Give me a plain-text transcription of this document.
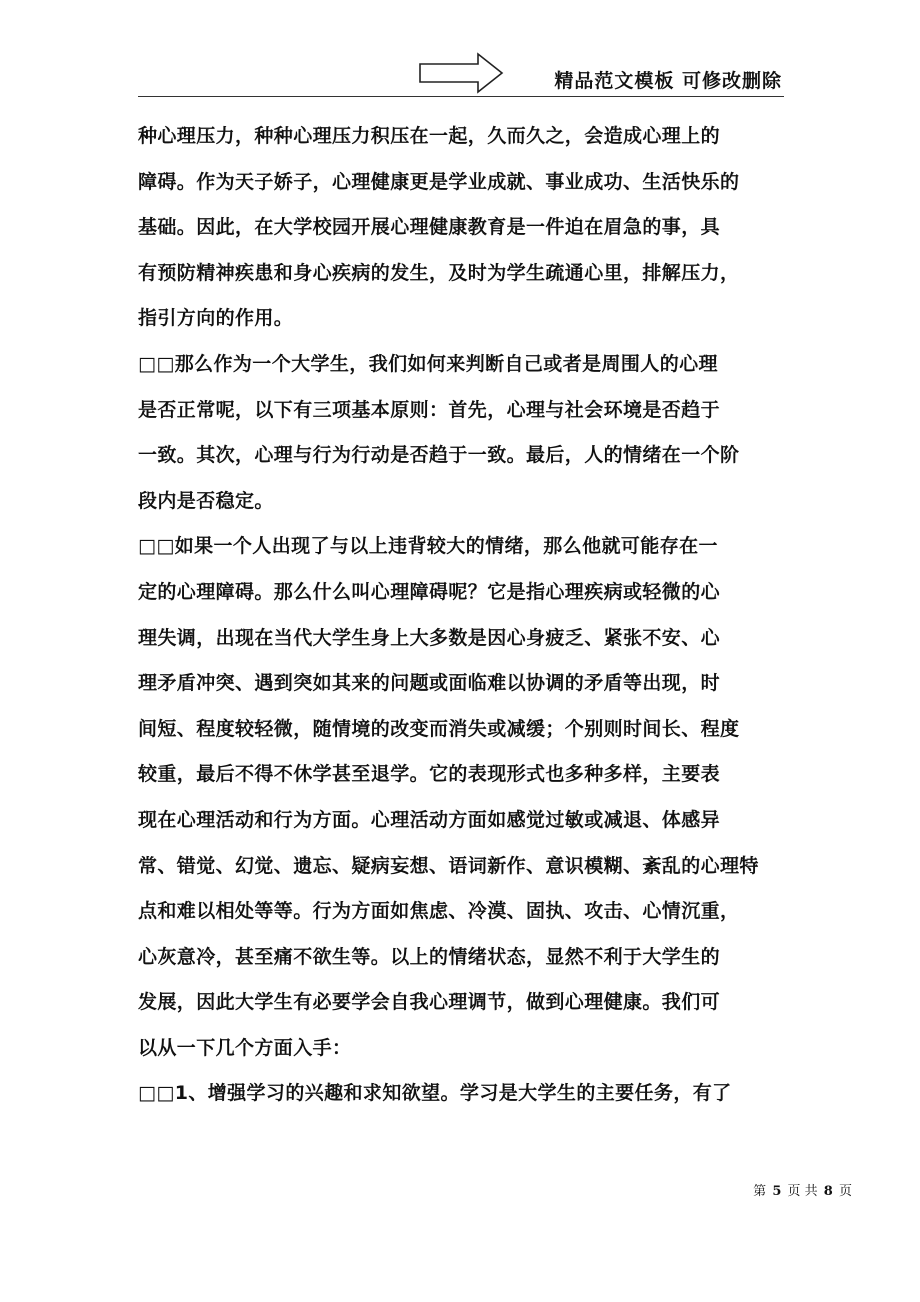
精品范文模板 可修改删除
种心理压力，种种心理压力积压在一起，久而久之，会造成心理上的
障碍。作为天子娇子，心理健康更是学业成就、事业成功、生活快乐的
基础。因此，在大学校园开展心理健康教育是一件迫在眉急的事，具
有预防精神疾患和身心疾病的发生，及时为学生疏通心里，排解压力，
指引方向的作用。
□□那么作为一个大学生，我们如何来判断自己或者是周围人的心理
是否正常呢，以下有三项基本原则：首先，心理与社会环境是否趋于
一致。其次，心理与行为行动是否趋于一致。最后，人的情绪在一个阶
段内是否稳定。
□□如果一个人出现了与以上违背较大的情绪，那么他就可能存在一
定的心理障碍。那么什么叫心理障碍呢？它是指心理疾病或轻微的心
理失调，出现在当代大学生身上大多数是因心身疲乏、紧张不安、心
理矛盾冲突、遇到突如其来的问题或面临难以协调的矛盾等出现，时
间短、程度较轻微，随情境的改变而消失或减缓；个别则时间长、程度
较重，最后不得不休学甚至退学。它的表现形式也多种多样，主要表
现在心理活动和行为方面。心理活动方面如感觉过敏或减退、体感异
常、错觉、幻觉、遗忘、疑病妄想、语词新作、意识模糊、紊乱的心理特
点和难以相处等等。行为方面如焦虑、冷漠、固执、攻击、心情沉重，
心灰意冷，甚至痛不欲生等。以上的情绪状态，显然不利于大学生的
发展，因此大学生有必要学会自我心理调节，做到心理健康。我们可
以从一下几个方面入手：
□□1、增强学习的兴趣和求知欲望。学习是大学生的主要任务，有了
第 5 页 共 8 页
